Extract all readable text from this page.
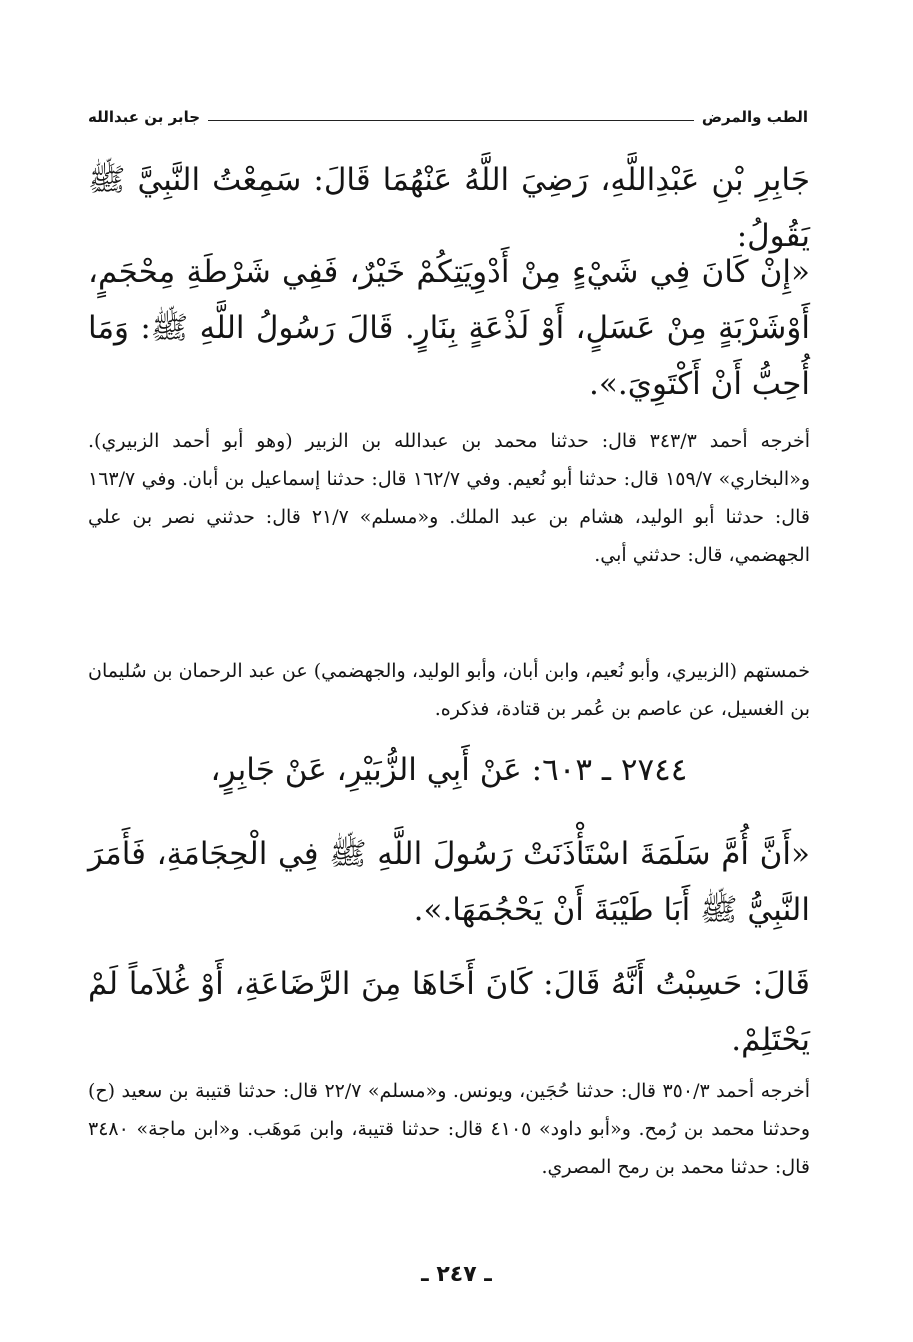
الطب والمرض
جابر بن عبدالله
جَابِرِ بْنِ عَبْدِاللَّهِ، رَضِيَ اللَّهُ عَنْهُمَا قَالَ: سَمِعْتُ النَّبِيَّ ﷺ يَقُولُ:
«إِنْ كَانَ فِي شَيْءٍ مِنْ أَدْوِيَتِكُمْ خَيْرٌ، فَفِي شَرْطَةِ مِحْجَمٍ، أَوْشَرْبَةٍ مِنْ عَسَلٍ، أَوْ لَذْعَةٍ بِنَارٍ. قَالَ رَسُولُ اللَّهِ ﷺ: وَمَا أُحِبُّ أَنْ أَكْتَوِيَ.».
أخرجه أحمد ٣٤٣/٣ قال: حدثنا محمد بن عبدالله بن الزبير (وهو أبو أحمد الزبيري). و«البخاري» ١٥٩/٧ قال: حدثنا أبو نُعيم. وفي ١٦٢/٧ قال: حدثنا إسماعيل بن أبان. وفي ١٦٣/٧ قال: حدثنا أبو الوليد، هشام بن عبد الملك. و«مسلم» ٢١/٧ قال: حدثني نصر بن علي الجهضمي، قال: حدثني أبي.
خمستهم (الزبيري، وأبو نُعيم، وابن أبان، وأبو الوليد، والجهضمي) عن عبد الرحمان بن سُليمان بن الغسيل، عن عاصم بن عُمر بن قتادة، فذكره.
٢٧٤٤ ـ ٦٠٣: عَنْ أَبِي الزُّبَيْرِ، عَنْ جَابِرٍ،
«أَنَّ أُمَّ سَلَمَةَ اسْتَأْذَنَتْ رَسُولَ اللَّهِ ﷺ فِي الْحِجَامَةِ، فَأَمَرَ النَّبِيُّ ﷺ أَبَا طَيْبَةَ أَنْ يَحْجُمَهَا.».
قَالَ: حَسِبْتُ أَنَّهُ قَالَ: كَانَ أَخَاهَا مِنَ الرَّضَاعَةِ، أَوْ غُلاَماً لَمْ يَحْتَلِمْ.
أخرجه أحمد ٣٥٠/٣ قال: حدثنا حُجَين، ويونس. و«مسلم» ٢٢/٧ قال: حدثنا قتيبة بن سعيد (ح) وحدثنا محمد بن رُمح. و«أبو داود» ٤١٠٥ قال: حدثنا قتيبة، وابن مَوهَب. و«ابن ماجة» ٣٤٨٠ قال: حدثنا محمد بن رمح المصري.
ـ ٢٤٧ ـ
